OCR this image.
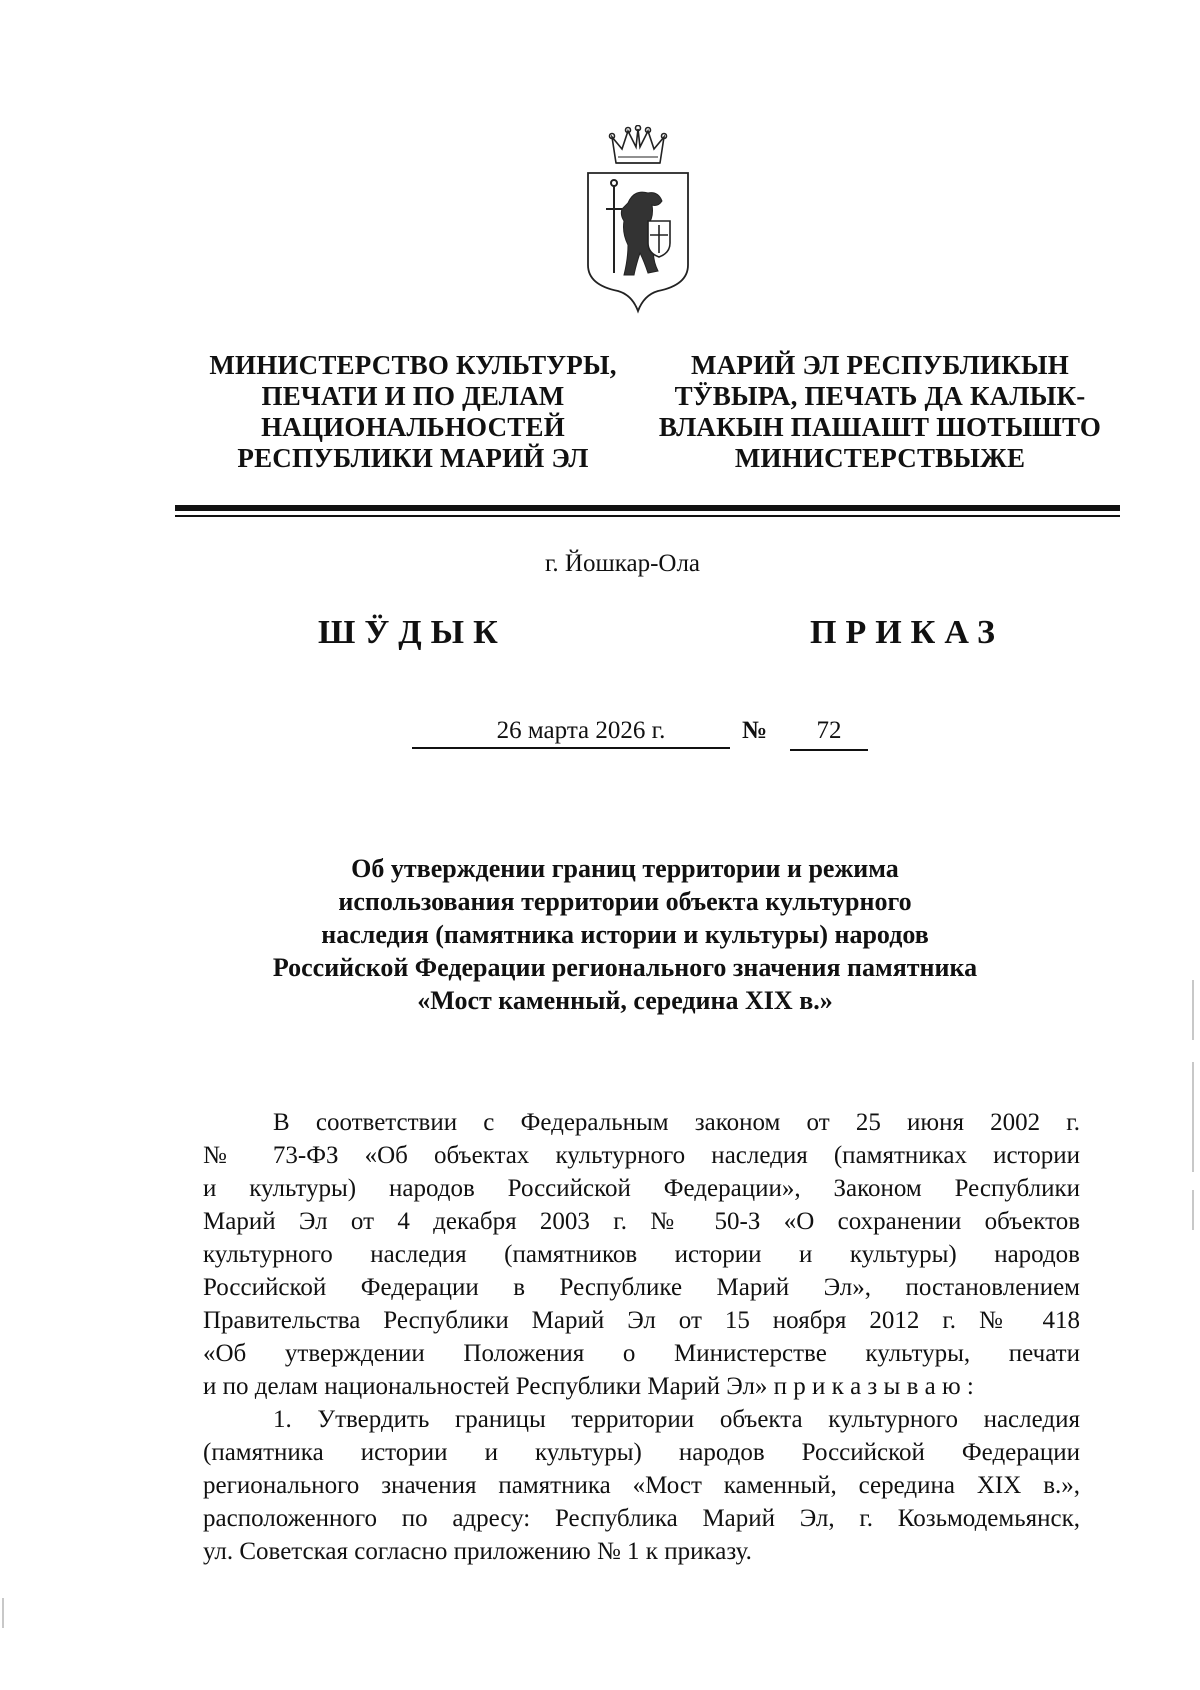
МИНИСТЕРСТВО КУЛЬТУРЫ,
ПЕЧАТИ И ПО ДЕЛАМ
НАЦИОНАЛЬНОСТЕЙ
РЕСПУБЛИКИ МАРИЙ ЭЛ
МАРИЙ ЭЛ РЕСПУБЛИКЫН
ТӰВЫРА, ПЕЧАТЬ ДА КАЛЫК-
ВЛАКЫН ПАШАШТ ШОТЫШТО
МИНИСТЕРСТВЫЖЕ
г. Йошкар-Ола
ШӰДЫК	ПРИКАЗ
26 марта 2026 г.	№	72
Об утверждении границ территории и режима
использования территории объекта культурного
наследия (памятника истории и культуры) народов
Российской Федерации регионального значения памятника
«Мост каменный, середина XIX в.»
В соответствии с Федеральным законом от 25 июня 2002 г.
№ 73-ФЗ «Об объектах культурного наследия (памятниках истории
и культуры) народов Российской Федерации», Законом Республики
Марий Эл от 4 декабря 2003 г. № 50-З «О сохранении объектов
культурного наследия (памятников истории и культуры) народов
Российской Федерации в Республике Марий Эл», постановлением
Правительства Республики Марий Эл от 15 ноября 2012 г. № 418
«Об утверждении Положения о Министерстве культуры, печати
и по делам национальностей Республики Марий Эл» п р и к а з ы в а ю :
1. Утвердить границы территории объекта культурного наследия
(памятника истории и культуры) народов Российской Федерации
регионального значения памятника «Мост каменный, середина XIX в.»,
расположенного по адресу: Республика Марий Эл, г. Козьмодемьянск,
ул. Советская согласно приложению № 1 к приказу.
